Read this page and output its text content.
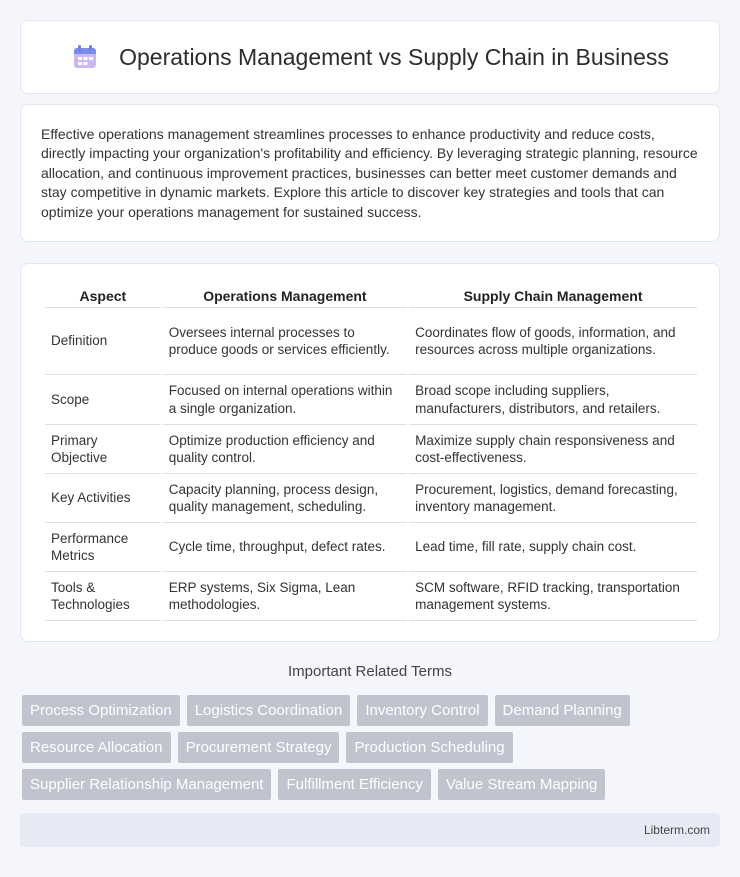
Operations Management vs Supply Chain in Business

Effective operations management streamlines processes to enhance productivity and reduce costs, directly impacting your organization's profitability and efficiency. By leveraging strategic planning, resource allocation, and continuous improvement practices, businesses can better meet customer demands and stay competitive in dynamic markets. Explore this article to discover key strategies and tools that can optimize your operations management for sustained success.

Aspect	Operations Management	Supply Chain Management
Definition	Oversees internal processes to produce goods or services efficiently.	Coordinates flow of goods, information, and resources across multiple organizations.
Scope	Focused on internal operations within a single organization.	Broad scope including suppliers, manufacturers, distributors, and retailers.
Primary Objective	Optimize production efficiency and quality control.	Maximize supply chain responsiveness and cost-effectiveness.
Key Activities	Capacity planning, process design, quality management, scheduling.	Procurement, logistics, demand forecasting, inventory management.
Performance Metrics	Cycle time, throughput, defect rates.	Lead time, fill rate, supply chain cost.
Tools & Technologies	ERP systems, Six Sigma, Lean methodologies.	SCM software, RFID tracking, transportation management systems.
Important Related Terms
Process Optimization	Logistics Coordination	Inventory Control	Demand Planning
Resource Allocation	Procurement Strategy	Production Scheduling
Supplier Relationship Management	Fulfillment Efficiency	Value Stream Mapping
Libterm.com
